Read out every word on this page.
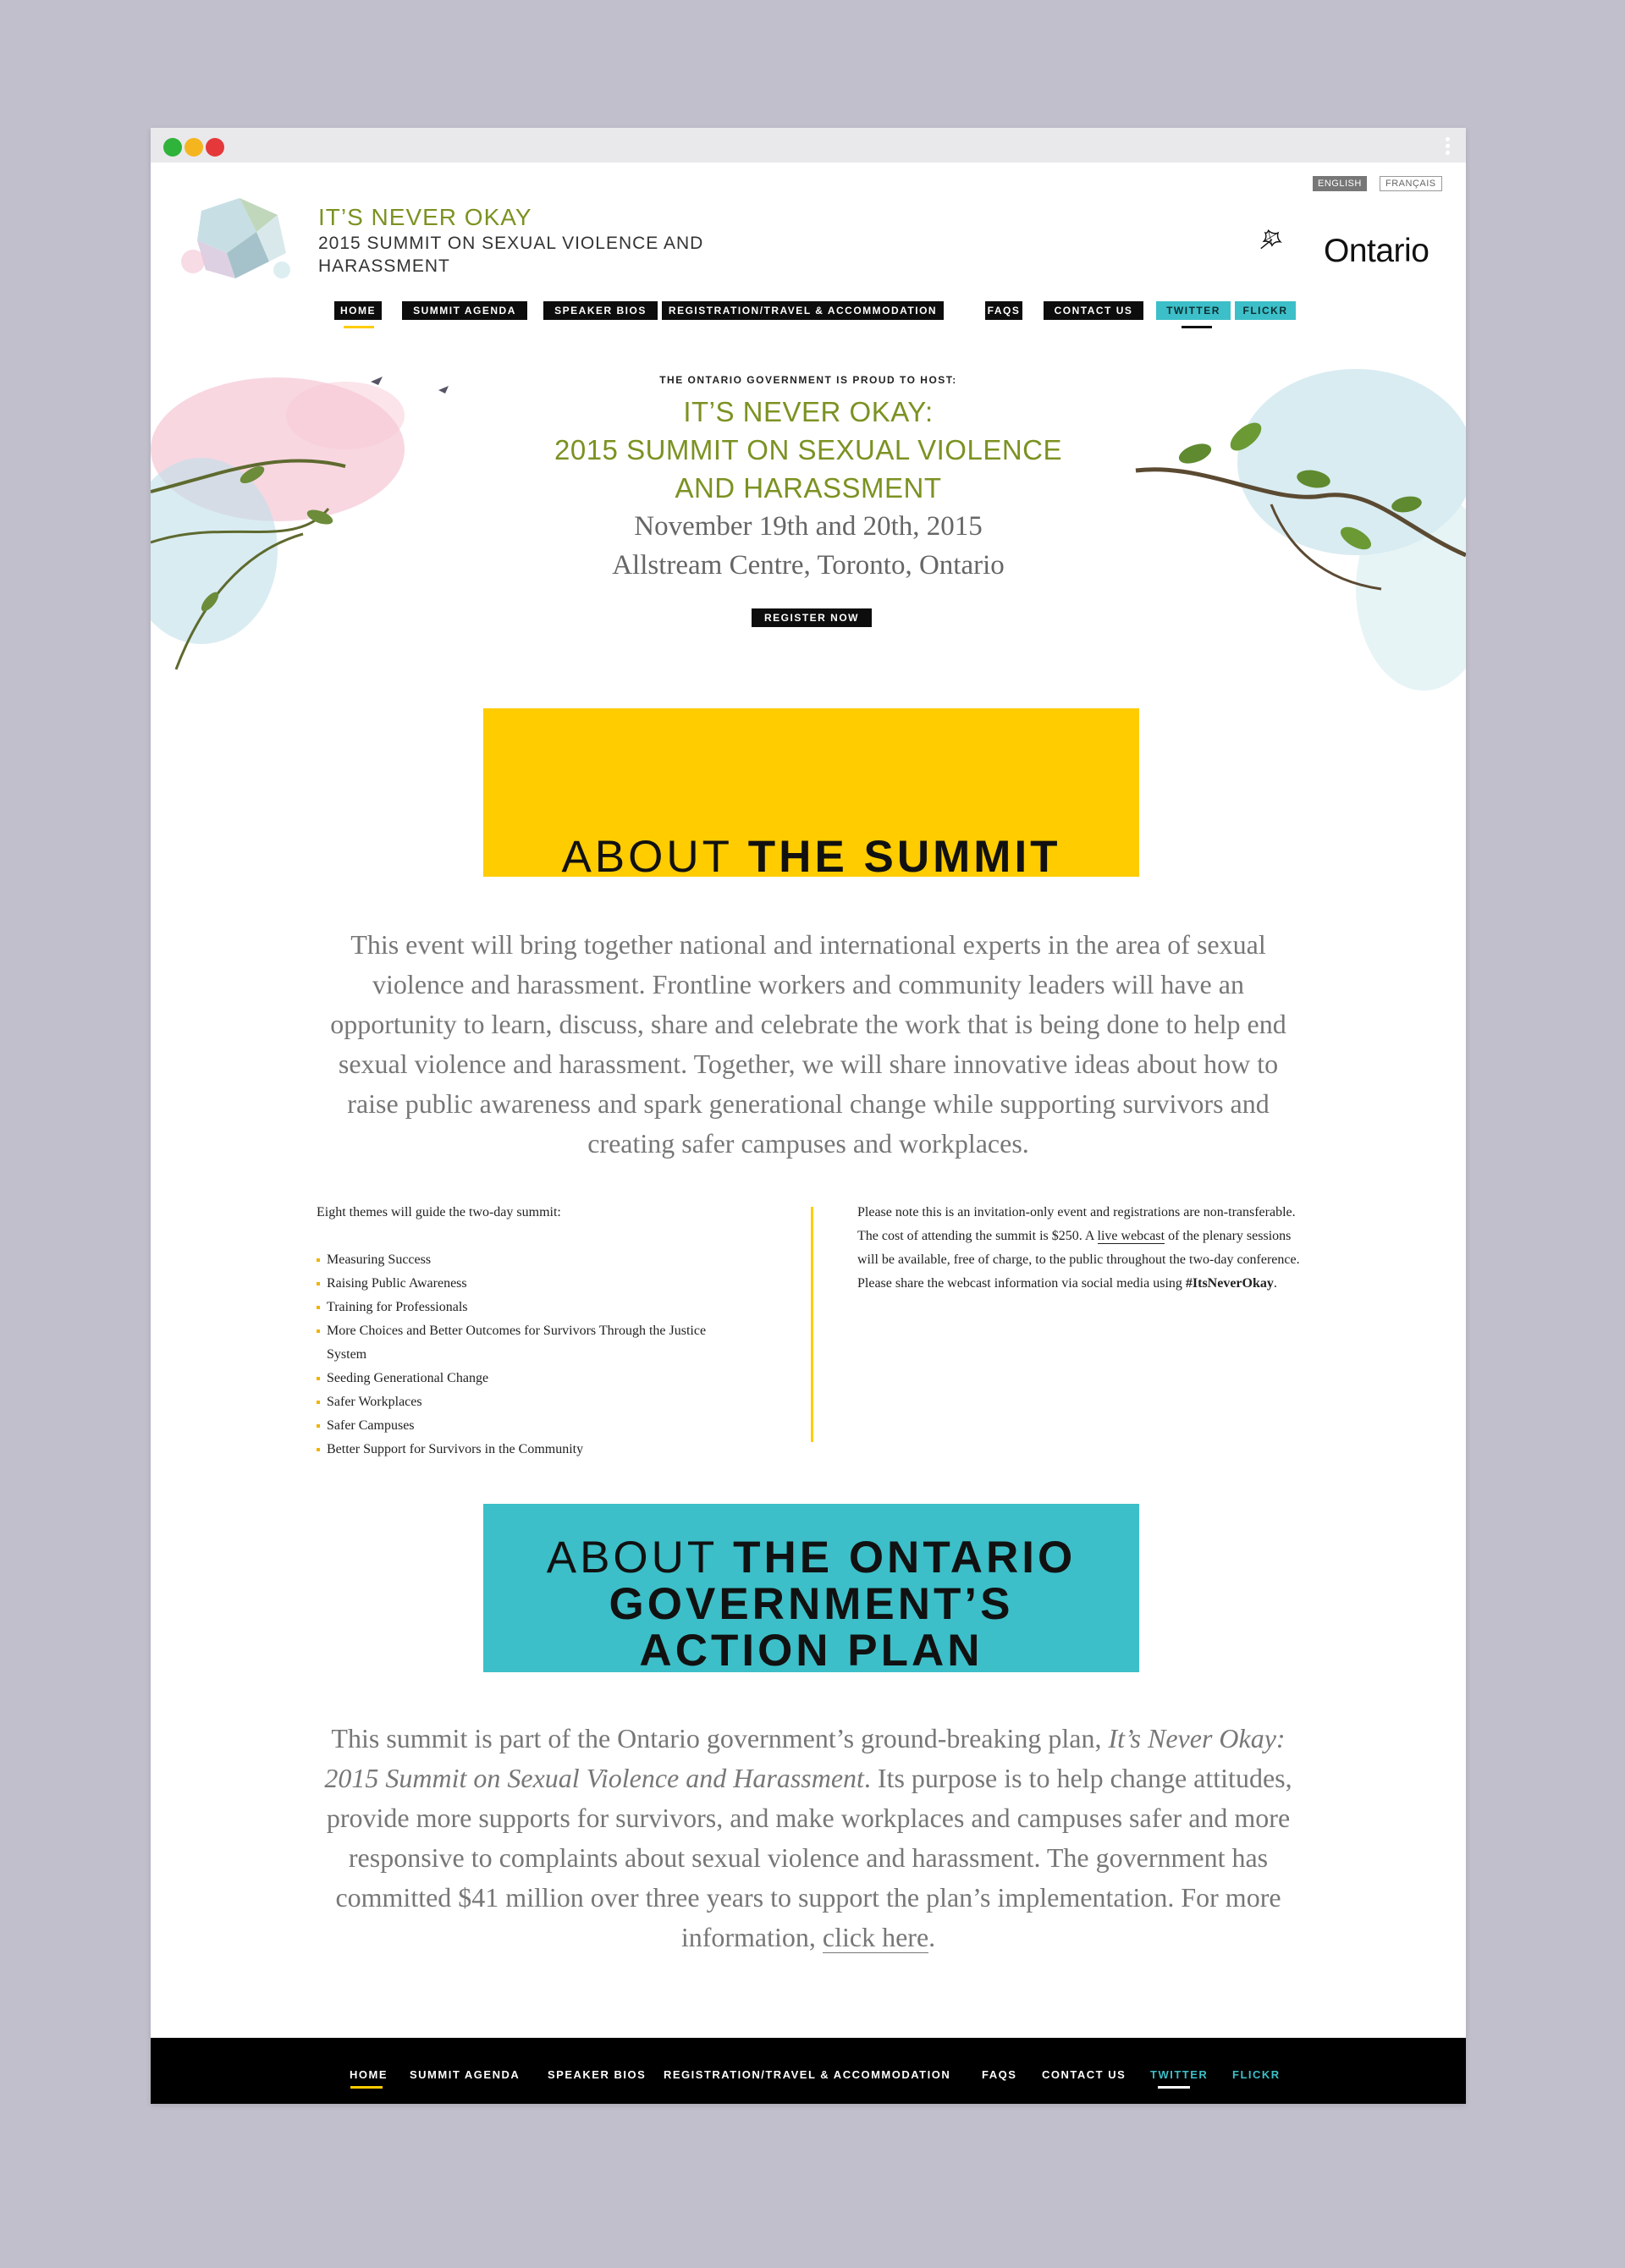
IT’S NEVER OKAY
2015 SUMMIT ON SEXUAL VIOLENCE AND HARASSMENT
ENGLISH	FRANÇAIS
Ontario
HOME	SUMMIT AGENDA	SPEAKER BIOS	REGISTRATION/TRAVEL & ACCOMMODATION	FAQS	CONTACT US	TWITTER	FLICKR
THE ONTARIO GOVERNMENT IS PROUD TO HOST:
IT’S NEVER OKAY:
2015 SUMMIT ON SEXUAL VIOLENCE
AND HARASSMENT
November 19th and 20th, 2015
Allstream Centre, Toronto, Ontario
REGISTER NOW
ABOUT THE SUMMIT
This event will bring together national and international experts in the area of sexual violence and harassment. Frontline workers and community leaders will have an opportunity to learn, discuss, share and celebrate the work that is being done to help end sexual violence and harassment. Together, we will share innovative ideas about how to raise public awareness and spark generational change while supporting survivors and creating safer campuses and workplaces.
Eight themes will guide the two-day summit:
Measuring Success
Raising Public Awareness
Training for Professionals
More Choices and Better Outcomes for Survivors Through the Justice System
Seeding Generational Change
Safer Workplaces
Safer Campuses
Better Support for Survivors in the Community
Please note this is an invitation-only event and registrations are non-transferable. The cost of attending the summit is $250. A live webcast of the plenary sessions will be available, free of charge, to the public throughout the two-day conference. Please share the webcast information via social media using #ItsNeverOkay.
ABOUT THE ONTARIO
GOVERNMENT’S
ACTION PLAN
This summit is part of the Ontario government’s ground-breaking plan, It’s Never Okay: 2015 Summit on Sexual Violence and Harassment. Its purpose is to help change attitudes, provide more supports for survivors, and make workplaces and campuses safer and more responsive to complaints about sexual violence and harassment. The government has committed $41 million over three years to support the plan’s implementation. For more information, click here.
HOME SUMMIT AGENDA	SPEAKER BIOS REGISTRATION/TRAVEL & ACCOMMODATION	FAQS CONTACT US TWITTER FLICKR
